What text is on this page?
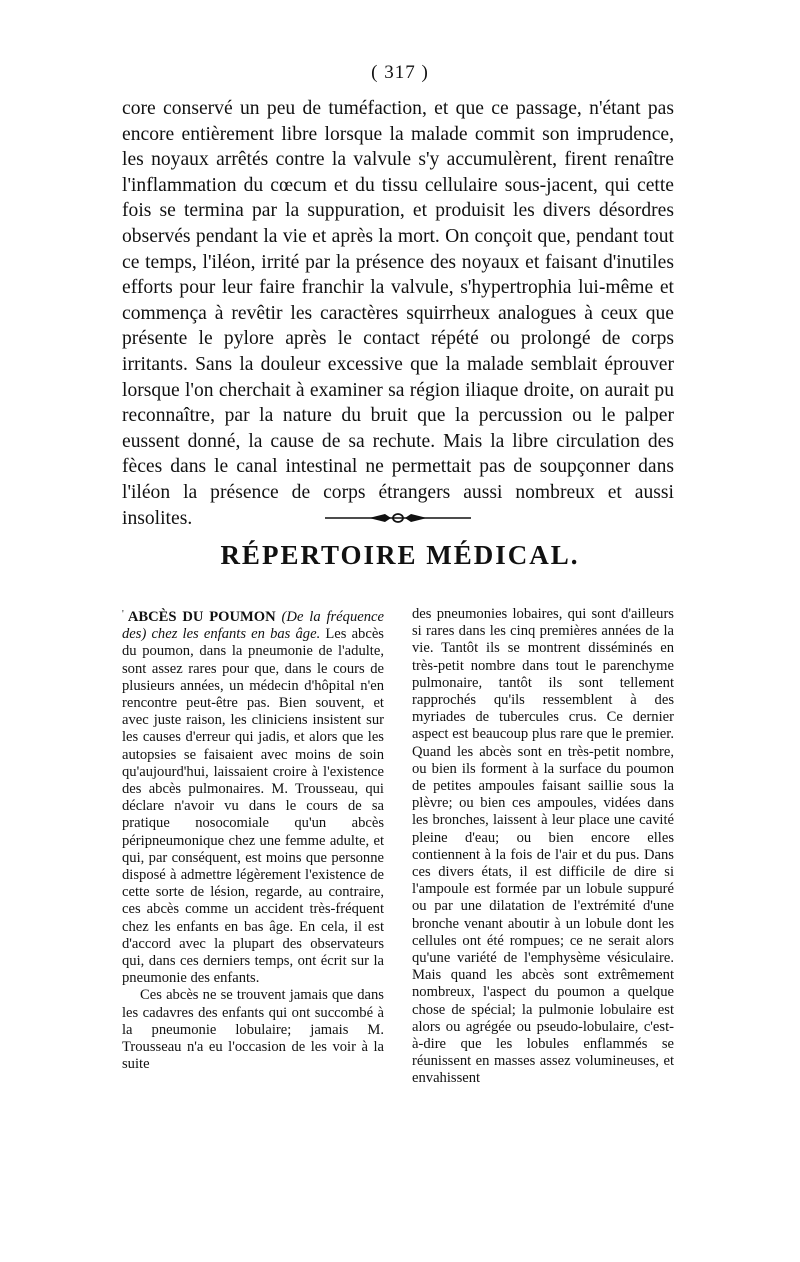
( 317 )

core conservé un peu de tuméfaction, et que ce passage, n'étant pas encore entièrement libre lorsque la malade commit son imprudence, les noyaux arrêtés contre la valvule s'y accumulèrent, firent renaître l'inflammation du cœcum et du tissu cellulaire sous-jacent, qui cette fois se termina par la suppuration, et produisit les divers désordres observés pendant la vie et après la mort. On conçoit que, pendant tout ce temps, l'iléon, irrité par la présence des noyaux et faisant d'inutiles efforts pour leur faire franchir la valvule, s'hypertrophia lui-même et commença à revêtir les caractères squirrheux analogues à ceux que présente le pylore après le contact répété ou prolongé de corps irritants. Sans la douleur excessive que la malade semblait éprouver lorsque l'on cherchait à examiner sa région iliaque droite, on aurait pu reconnaître, par la nature du bruit que la percussion ou le palper eussent donné, la cause de sa rechute. Mais la libre circulation des fèces dans le canal intestinal ne permettait pas de soupçonner dans l'iléon la présence de corps étrangers aussi nombreux et aussi insolites.

RÉPERTOIRE MÉDICAL.

' ABCÈS DU POUMON (De la fréquence des) chez les enfants en bas âge. Les abcès du poumon, dans la pneumonie de l'adulte, sont assez rares pour que, dans le cours de plusieurs années, un médecin d'hôpital n'en rencontre peut-être pas. Bien souvent, et avec juste raison, les cliniciens insistent sur les causes d'erreur qui jadis, et alors que les autopsies se faisaient avec moins de soin qu'aujourd'hui, laissaient croire à l'existence des abcès pulmonaires. M. Trousseau, qui déclare n'avoir vu dans le cours de sa pratique nosocomiale qu'un abcès péripneumonique chez une femme adulte, et qui, par conséquent, est moins que personne disposé à admettre légèrement l'existence de cette sorte de lésion, regarde, au contraire, ces abcès comme un accident très-fréquent chez les enfants en bas âge. En cela, il est d'accord avec la plupart des observateurs qui, dans ces derniers temps, ont écrit sur la pneumonie des enfants.

Ces abcès ne se trouvent jamais que dans les cadavres des enfants qui ont succombé à la pneumonie lobulaire; jamais M. Trousseau n'a eu l'occasion de les voir à la suite

des pneumonies lobaires, qui sont d'ailleurs si rares dans les cinq premières années de la vie. Tantôt ils se montrent disséminés en très-petit nombre dans tout le parenchyme pulmonaire, tantôt ils sont tellement rapprochés qu'ils ressemblent à des myriades de tubercules crus. Ce dernier aspect est beaucoup plus rare que le premier. Quand les abcès sont en très-petit nombre, ou bien ils forment à la surface du poumon de petites ampoules faisant saillie sous la plèvre; ou bien ces ampoules, vidées dans les bronches, laissent à leur place une cavité pleine d'eau; ou bien encore elles contiennent à la fois de l'air et du pus. Dans ces divers états, il est difficile de dire si l'ampoule est formée par un lobule suppuré ou par une dilatation de l'extrémité d'une bronche venant aboutir à un lobule dont les cellules ont été rompues; ce ne serait alors qu'une variété de l'emphysème vésiculaire. Mais quand les abcès sont extrêmement nombreux, l'aspect du poumon a quelque chose de spécial; la pulmonie lobulaire est alors ou agrégée ou pseudo-lobulaire, c'est-à-dire que les lobules enflammés se réunissent en masses assez volumineuses, et envahissent
